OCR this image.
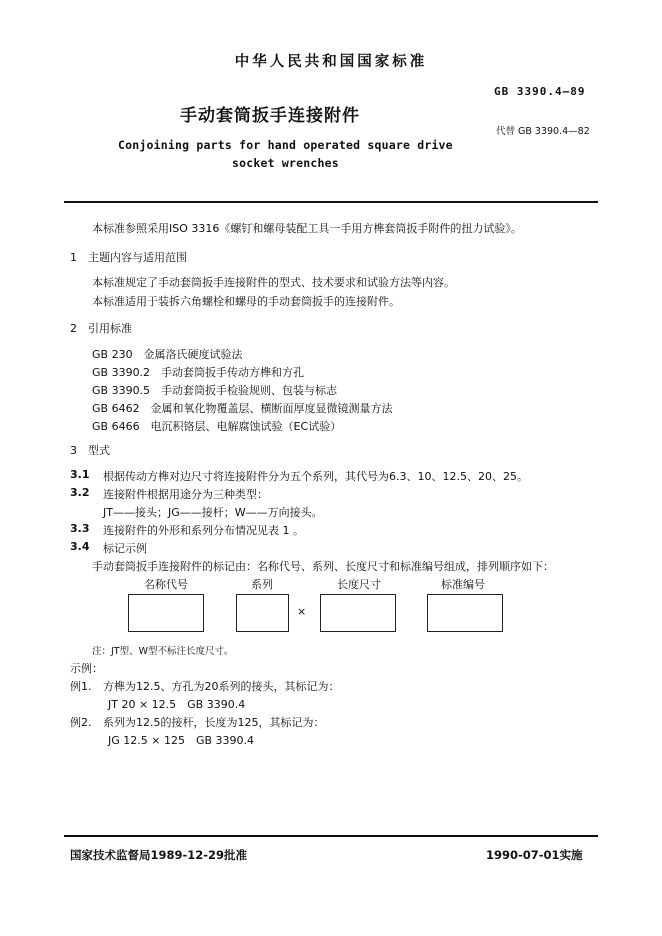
中华人民共和国国家标准
GB 3390.4—89
手动套筒扳手连接附件
代替 GB 3390.4—82
Conjoining parts for hand operated square drive
socket wrenches
本标准参照采用ISO 3316《螺钉和螺母装配工具一手用方榫套筒扳手附件的扭力试验》。
1　主题内容与适用范围
本标准规定了手动套筒扳手连接附件的型式、技术要求和试验方法等内容。
本标准适用于装拆六角螺栓和螺母的手动套筒扳手的连接附件。
2　引用标准
GB 230　金属洛氏硬度试验法
GB 3390.2　手动套筒扳手传动方榫和方孔
GB 3390.5　手动套筒扳手检验规则、包装与标志
GB 6462　金属和氧化物覆盖层、横断面厚度显微镜测量方法
GB 6466　电沉积铬层、电解腐蚀试验（EC试验）
3　型式
3.1 根据传动方榫对边尺寸将连接附件分为五个系列，其代号为6.3、10、12.5、20、25。
3.2 连接附件根据用途分为三种类型：
JT——接头；JG——接杆；W——万向接头。
3.3 连接附件的外形和系列分布情况见表 1 。
3.4 标记示例
手动套筒扳手连接附件的标记由：名称代号、系列、长度尺寸和标准编号组成，排列顺序如下：
名称代号	系列	长度尺寸	标准编号
×
注：JT型、W型不标注长度尺寸。
示例：
例1. 方榫为12.5、方孔为20系列的接头，其标记为：
JT 20 × 12.5　GB 3390.4
例2. 系列为12.5的接杆，长度为125，其标记为：
JG 12.5 × 125　GB 3390.4
国家技术监督局1989-12-29批准	1990-07-01实施
